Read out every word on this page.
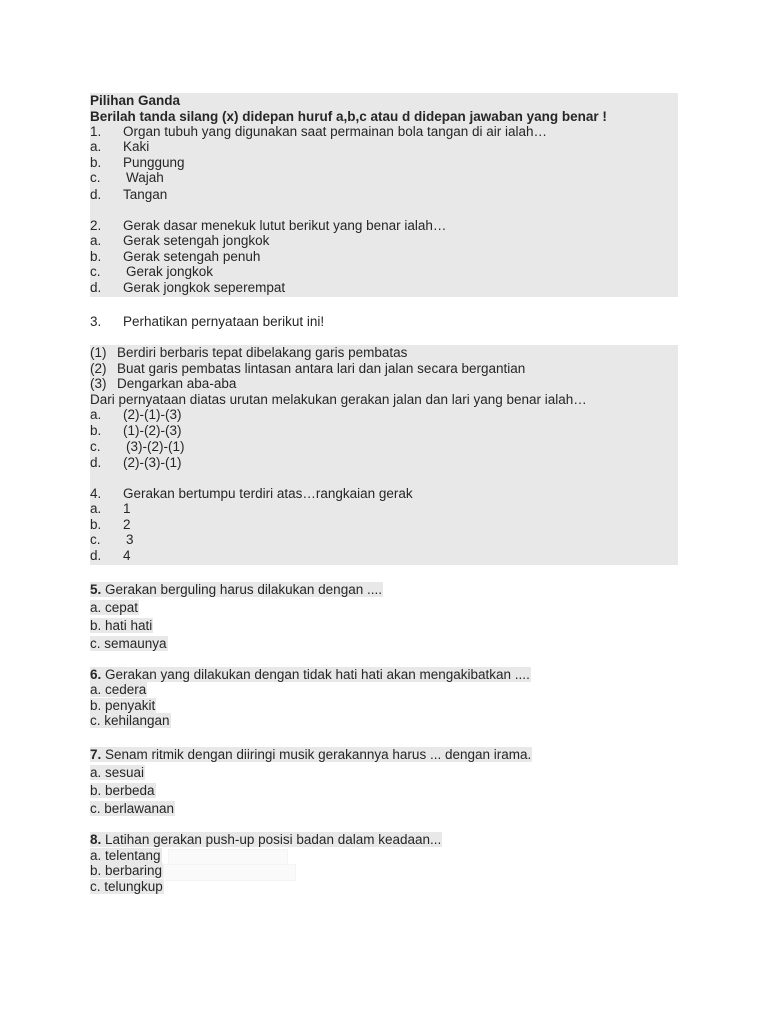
Pilihan Ganda
Berilah tanda silang (x) didepan huruf a,b,c atau d didepan jawaban yang benar !
1. Organ tubuh yang digunakan saat permainan bola tangan di air ialah…
a. Kaki
b. Punggung
c. Wajah
d. Tangan
2. Gerak dasar menekuk lutut berikut yang benar ialah…
a. Gerak setengah jongkok
b. Gerak setengah penuh
c. Gerak jongkok
d. Gerak jongkok seperempat
3. Perhatikan pernyataan berikut ini!
(1) Berdiri berbaris tepat dibelakang garis pembatas
(2) Buat garis pembatas lintasan antara lari dan jalan secara bergantian
(3) Dengarkan aba-aba
Dari pernyataan diatas urutan melakukan gerakan jalan dan lari yang benar ialah…
a. (2)-(1)-(3)
b. (1)-(2)-(3)
c. (3)-(2)-(1)
d. (2)-(3)-(1)
4. Gerakan bertumpu terdiri atas…rangkaian gerak
a. 1
b. 2
c. 3
d. 4
5. Gerakan berguling harus dilakukan dengan ....
a. cepat
b. hati hati
c. semaunya
6. Gerakan yang dilakukan dengan tidak hati hati akan mengakibatkan ....
a. cedera
b. penyakit
c. kehilangan
7. Senam ritmik dengan diiringi musik gerakannya harus ... dengan irama.
a. sesuai
b. berbeda
c. berlawanan
8. Latihan gerakan push-up posisi badan dalam keadaan...
a. telentang
b. berbaring
c. telungkup
